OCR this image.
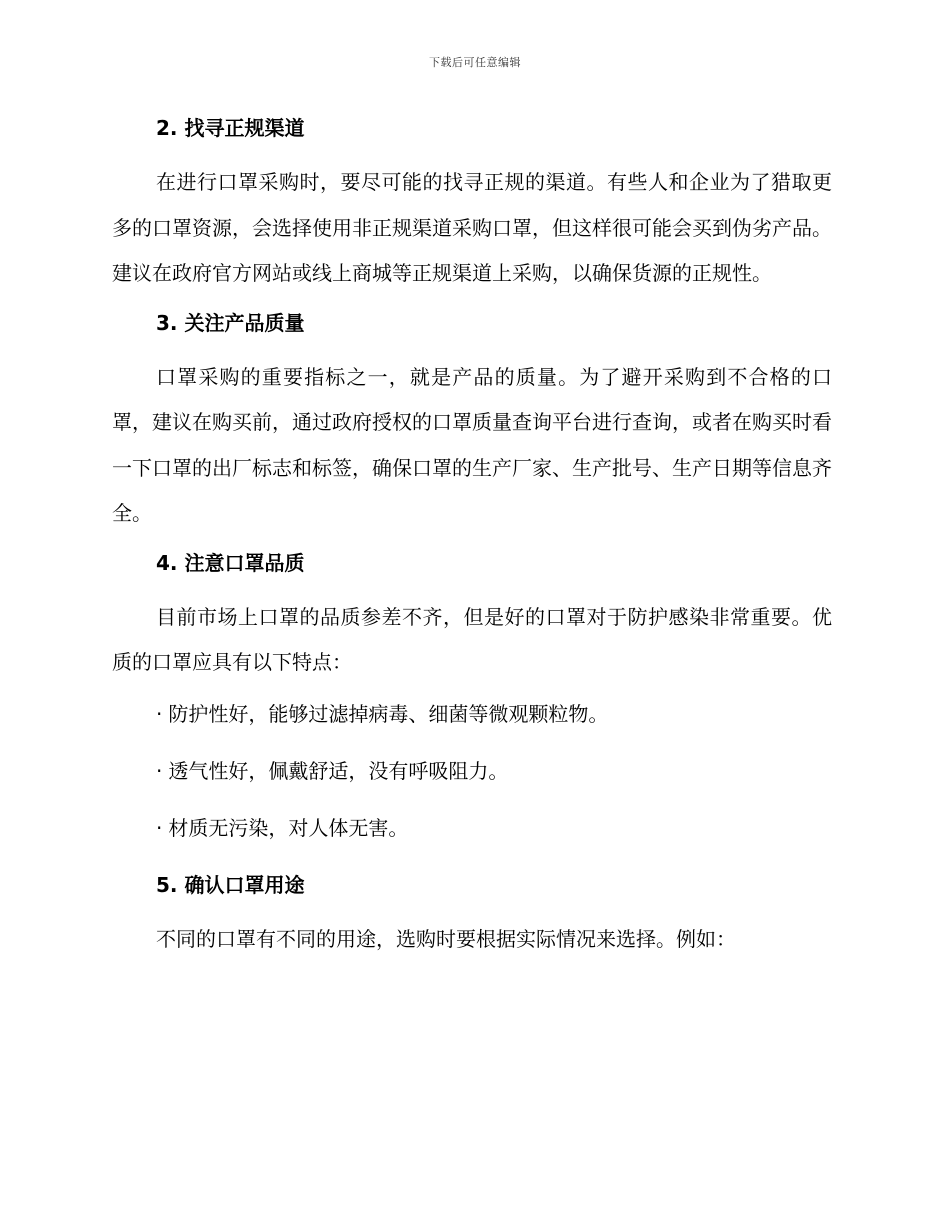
下载后可任意编辑
2. 找寻正规渠道

在进行口罩采购时，要尽可能的找寻正规的渠道。有些人和企业为了猎取更多的口罩资源，会选择使用非正规渠道采购口罩，但这样很可能会买到伪劣产品。建议在政府官方网站或线上商城等正规渠道上采购，以确保货源的正规性。

3. 关注产品质量

口罩采购的重要指标之一，就是产品的质量。为了避开采购到不合格的口罩，建议在购买前，通过政府授权的口罩质量查询平台进行查询，或者在购买时看一下口罩的出厂标志和标签，确保口罩的生产厂家、生产批号、生产日期等信息齐全。

4. 注意口罩品质

目前市场上口罩的品质参差不齐，但是好的口罩对于防护感染非常重要。优质的口罩应具有以下特点：

· 防护性好，能够过滤掉病毒、细菌等微观颗粒物。
· 透气性好，佩戴舒适，没有呼吸阻力。
· 材质无污染，对人体无害。
5. 确认口罩用途

不同的口罩有不同的用途，选购时要根据实际情况来选择。例如：
